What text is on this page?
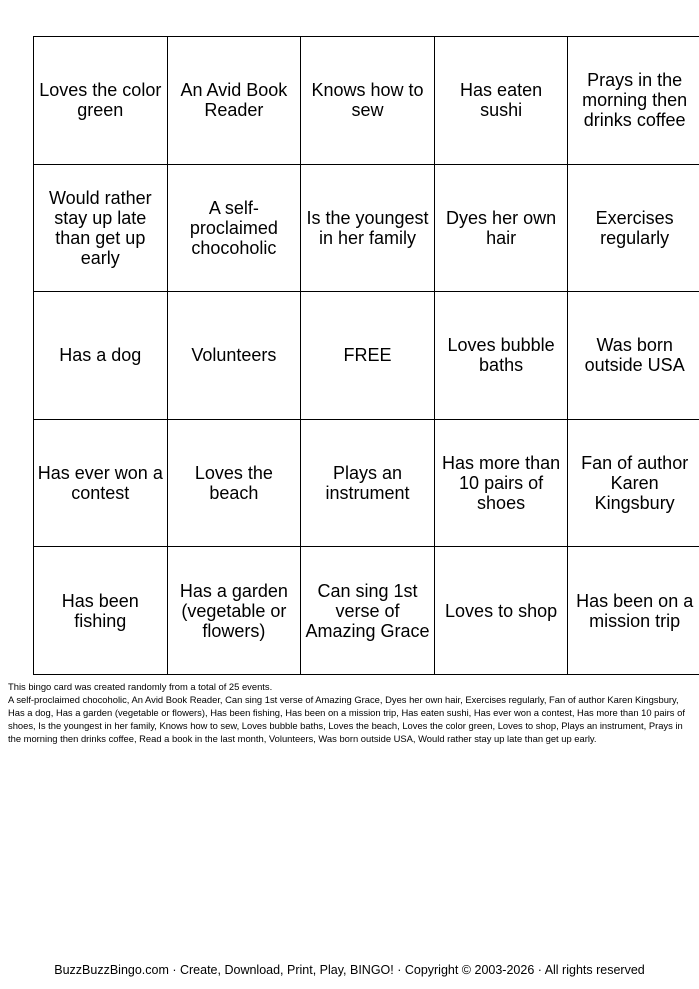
Loves the color green	An Avid Book Reader	Knows how to sew	Has eaten sushi	Prays in the morning then drinks coffee
Would rather stay up late than get up early	A self-proclaimed chocoholic	Is the youngest in her family	Dyes her own hair	Exercises regularly
Has a dog	Volunteers	FREE	Loves bubble baths	Was born outside USA
Has ever won a contest	Loves the beach	Plays an instrument	Has more than 10 pairs of shoes	Fan of author Karen Kingsbury
Has been fishing	Has a garden (vegetable or flowers)	Can sing 1st verse of Amazing Grace	Loves to shop	Has been on a mission trip

This bingo card was created randomly from a total of 25 events.

A self-proclaimed chocoholic, An Avid Book Reader, Can sing 1st verse of Amazing Grace, Dyes her own hair, Exercises regularly, Fan of author Karen Kingsbury, Has a dog, Has a garden (vegetable or flowers), Has been fishing, Has been on a mission trip, Has eaten sushi, Has ever won a contest, Has more than 10 pairs of shoes, Is the youngest in her family, Knows how to sew, Loves bubble baths, Loves the beach, Loves the color green, Loves to shop, Plays an instrument, Prays in the morning then drinks coffee, Read a book in the last month, Volunteers, Was born outside USA, Would rather stay up late than get up early.

BuzzBuzzBingo.com · Create, Download, Print, Play, BINGO! · Copyright © 2003-2026 · All rights reserved
